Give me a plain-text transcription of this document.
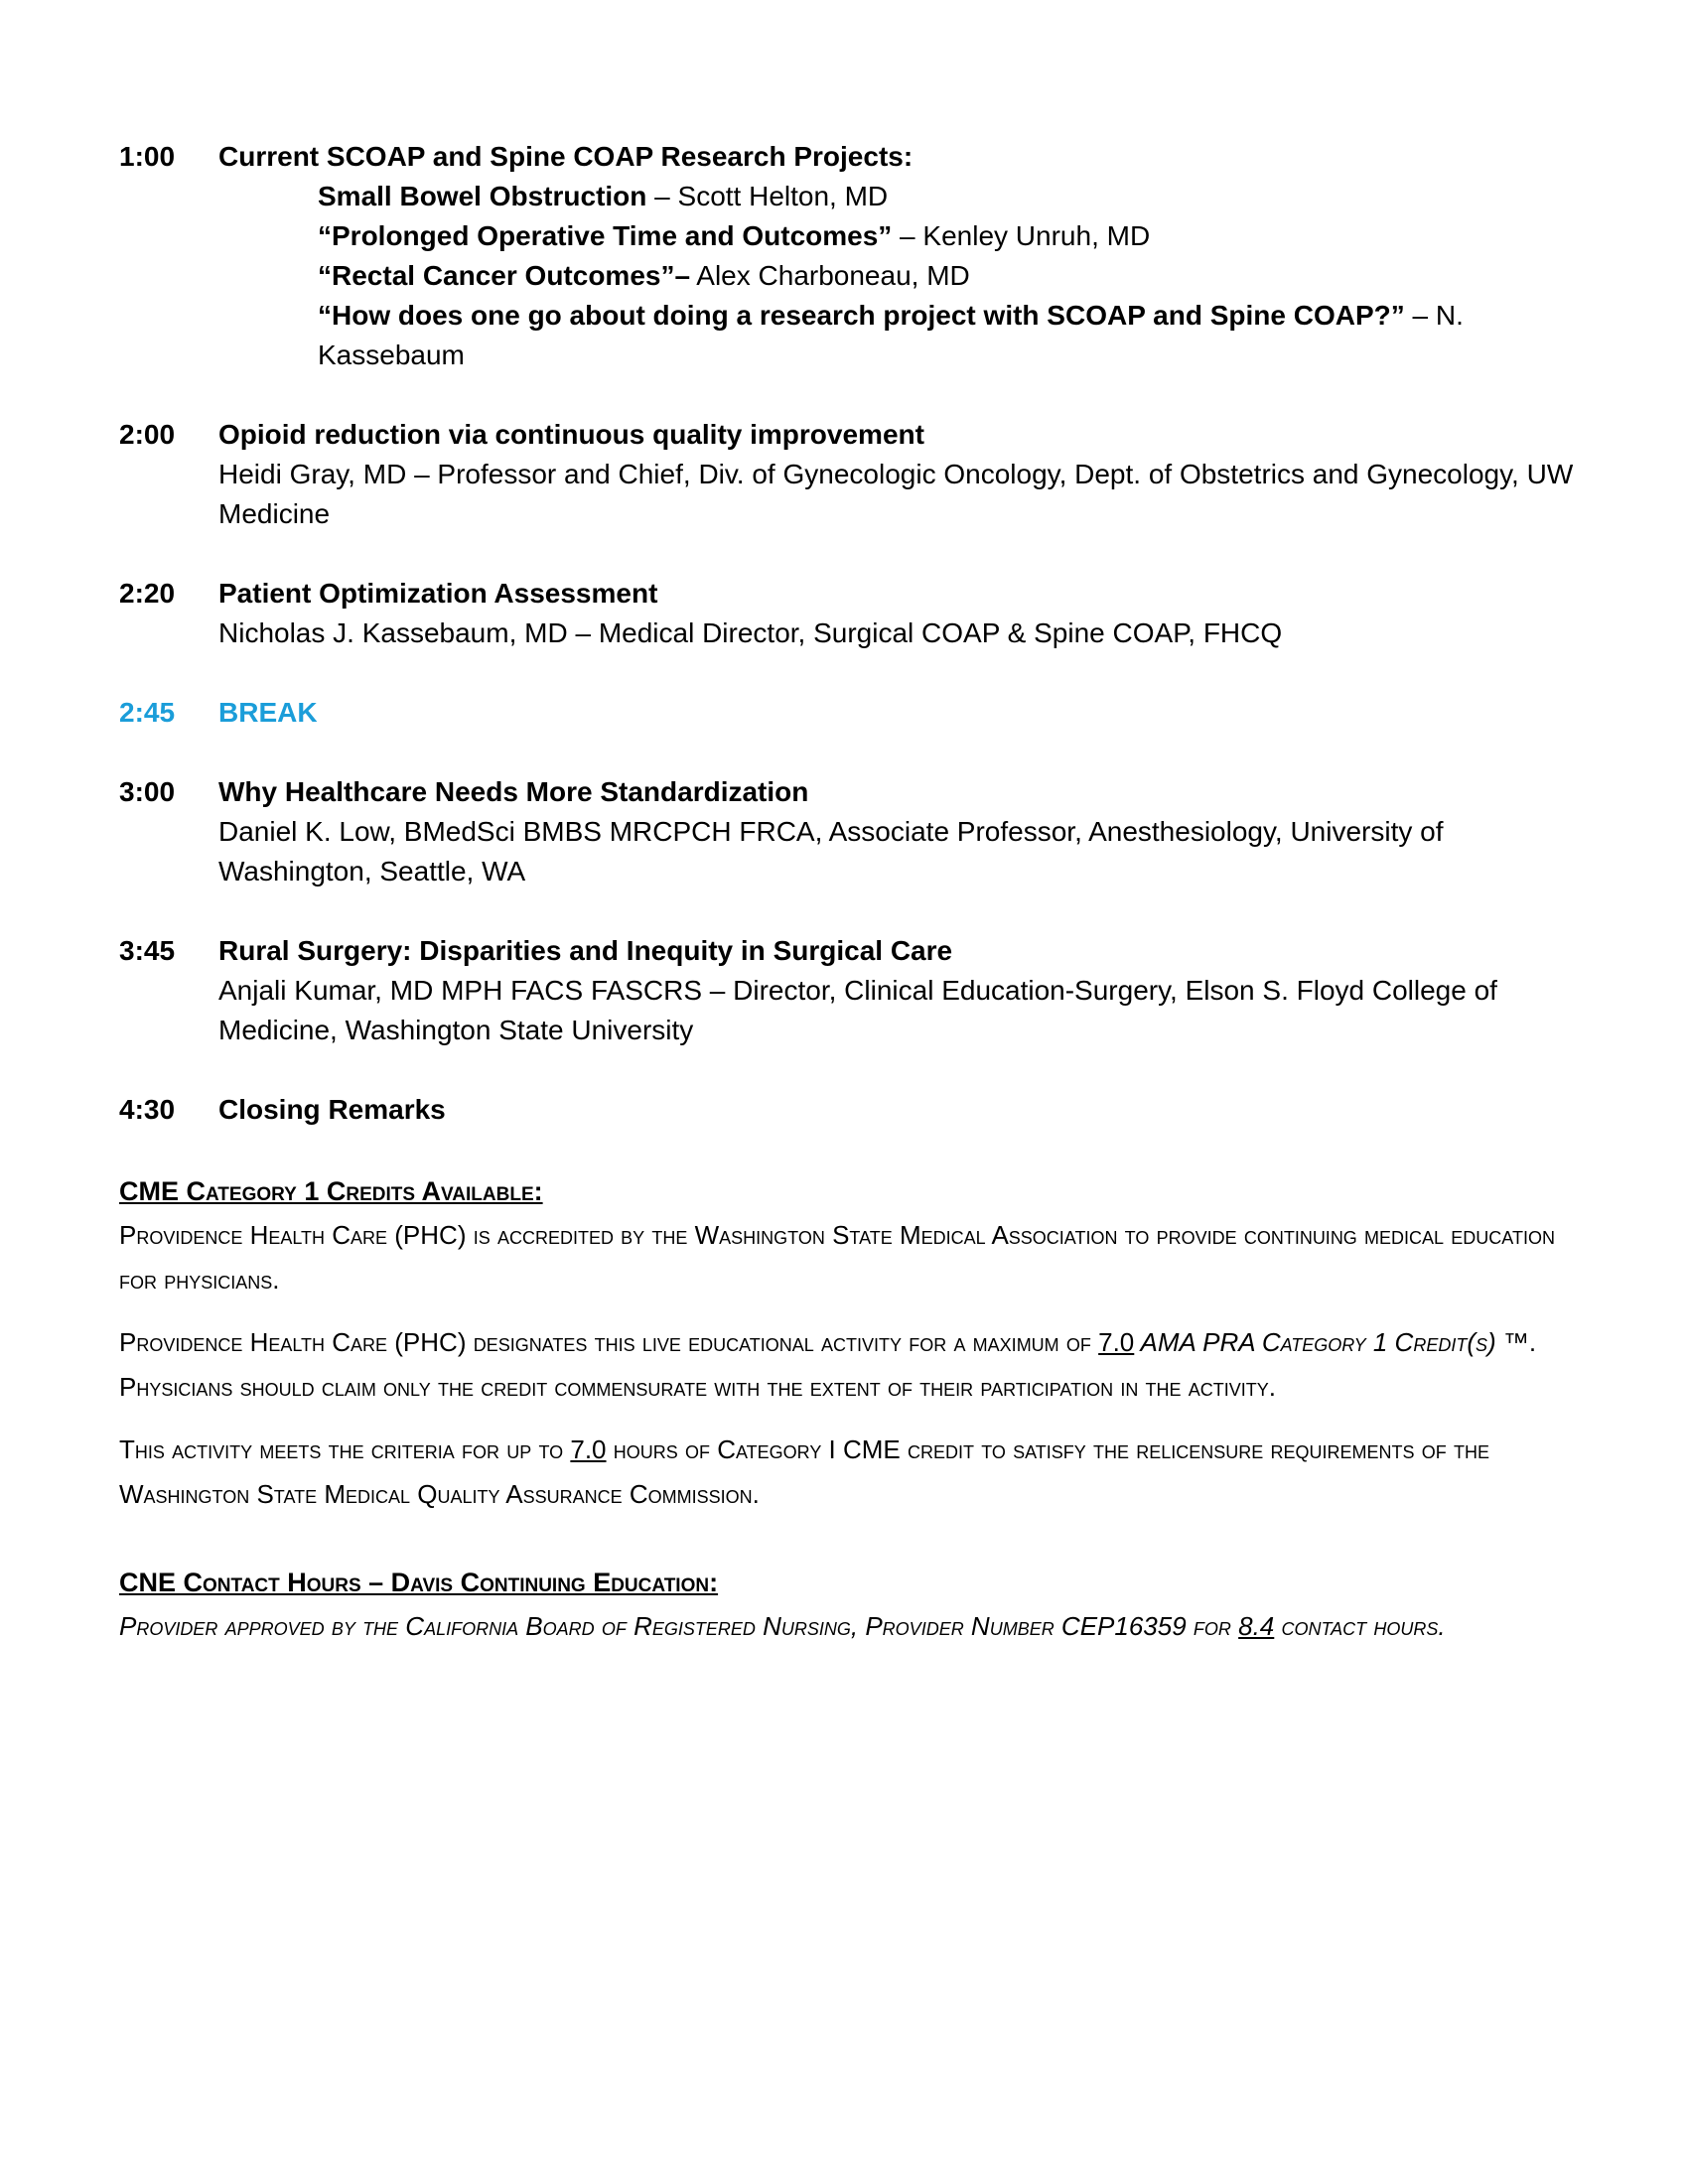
1:00	Current SCOAP and Spine COAP Research Projects:
Small Bowel Obstruction – Scott Helton, MD
“Prolonged Operative Time and Outcomes” – Kenley Unruh, MD
“Rectal Cancer Outcomes”– Alex Charboneau, MD
“How does one go about doing a research project with SCOAP and Spine COAP?” – N. Kassebaum
2:00	Opioid reduction via continuous quality improvement
Heidi Gray, MD – Professor and Chief, Div. of Gynecologic Oncology, Dept. of Obstetrics and Gynecology, UW Medicine
2:20	Patient Optimization Assessment
Nicholas J. Kassebaum, MD – Medical Director, Surgical COAP & Spine COAP, FHCQ
2:45	BREAK
3:00	Why Healthcare Needs More Standardization
Daniel K. Low, BMedSci BMBS MRCPCH FRCA, Associate Professor, Anesthesiology, University of Washington, Seattle, WA
3:45	Rural Surgery: Disparities and Inequity in Surgical Care
Anjali Kumar, MD MPH FACS FASCRS – Director, Clinical Education-Surgery, Elson S. Floyd College of Medicine, Washington State University
4:30	Closing Remarks
CME Category 1 Credits Available:

Providence Health Care (PHC) is accredited by the Washington State Medical Association to provide continuing medical education for physicians.

Providence Health Care (PHC) designates this live educational activity for a maximum of 7.0 AMA PRA Category 1 Credit(s) ™. Physicians should claim only the credit commensurate with the extent of their participation in the activity.

This activity meets the criteria for up to 7.0 hours of Category I CME credit to satisfy the relicensure requirements of the Washington State Medical Quality Assurance Commission.

CNE Contact Hours – Davis Continuing Education:

Provider approved by the California Board of Registered Nursing, Provider Number CEP16359 for 8.4 contact hours.
